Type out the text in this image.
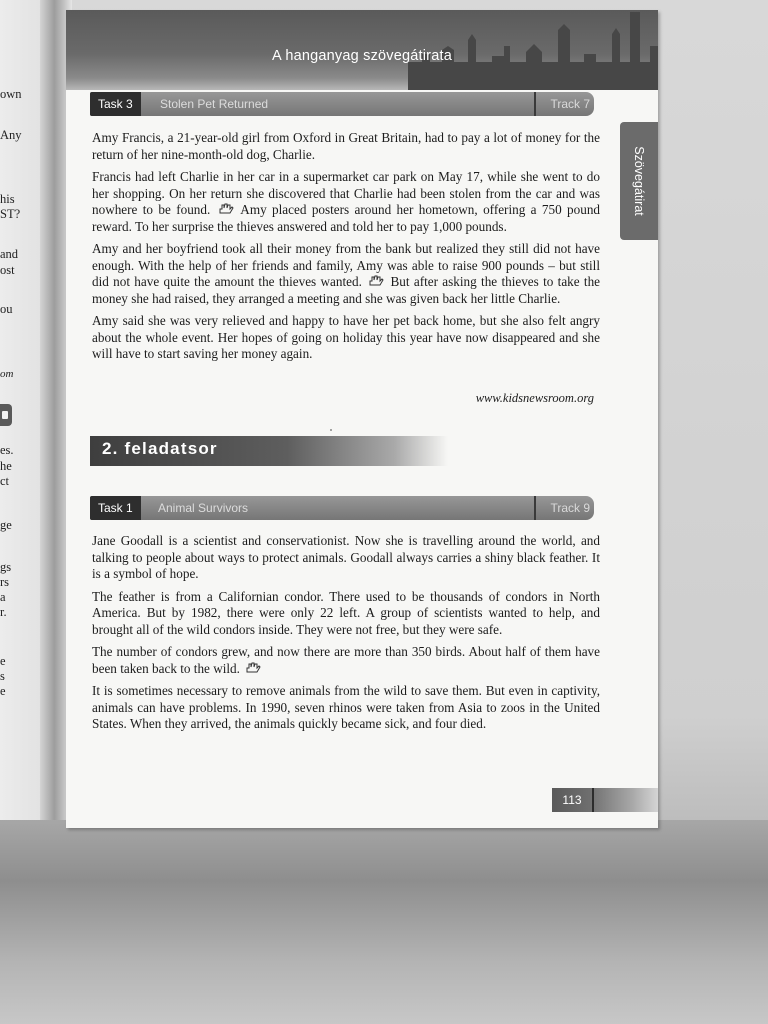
own
Any
his
ST?
and
ost
ou
om
es.
he
ct
ge
gs
rs
a
r.
e
s
e
A hanganyag szövegátirata
Szövegátirat
Task 3	Stolen Pet Returned	Track 7

Amy Francis, a 21-year-old girl from Oxford in Great Britain, had to pay a lot of money for the return of her nine-month-old dog, Charlie.

Francis had left Charlie in her car in a supermarket car park on May 17, while she went to do her shopping. On her return she discovered that Charlie had been stolen from the car and was nowhere to be found. Amy placed posters around her hometown, offering a 750 pound reward. To her surprise the thieves answered and told her to pay 1,000 pounds.

Amy and her boyfriend took all their money from the bank but realized they still did not have enough. With the help of her friends and family, Amy was able to raise 900 pounds – but still did not have quite the amount the thieves wanted. But after asking the thieves to take the money she had raised, they arranged a meeting and she was given back her little Charlie.

Amy said she was very relieved and happy to have her pet back home, but she also felt angry about the whole event. Her hopes of going on holiday this year have now disappeared and she will have to start saving her money again.

www.kidsnewsroom.org
2. feladatsor
Task 1	Animal Survivors	Track 9

Jane Goodall is a scientist and conservationist. Now she is travelling around the world, and talking to people about ways to protect animals. Goodall always carries a shiny black feather. It is a symbol of hope.

The feather is from a Californian condor. There used to be thousands of condors in North America. But by 1982, there were only 22 left. A group of scientists wanted to help, and brought all of the wild condors inside. They were not free, but they were safe.

The number of condors grew, and now there are more than 350 birds. About half of them have been taken back to the wild.

It is sometimes necessary to remove animals from the wild to save them. But even in captivity, animals can have problems. In 1990, seven rhinos were taken from Asia to zoos in the United States. When they arrived, the animals quickly became sick, and four died.

113
